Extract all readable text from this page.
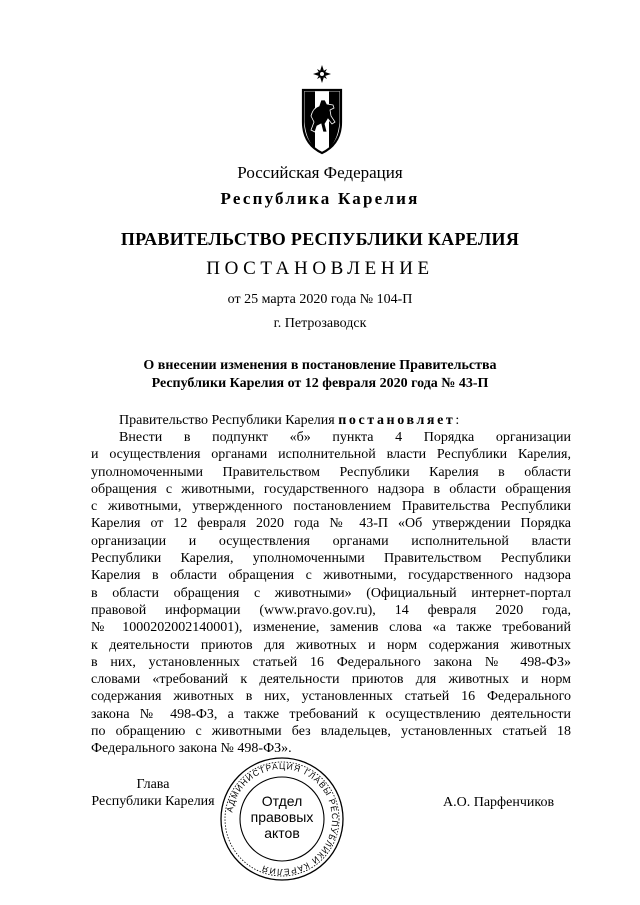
Российская Федерация
Республика Карелия
ПРАВИТЕЛЬСТВО РЕСПУБЛИКИ КАРЕЛИЯ
ПОСТАНОВЛЕНИЕ
от 25 марта 2020 года № 104-П
г. Петрозаводск
О внесении изменения в постановление Правительства
Республики Карелия от 12 февраля 2020 года № 43-П
Правительство Республики Карелия постановляет:
Внести в подпункт «б» пункта 4 Порядка организации
и осуществления органами исполнительной власти Республики Карелия,
уполномоченными Правительством Республики Карелия в области
обращения с животными, государственного надзора в области обращения
с животными, утвержденного постановлением Правительства Республики
Карелия от 12 февраля 2020 года № 43-П «Об утверждении Порядка
организации и осуществления органами исполнительной власти
Республики Карелия, уполномоченными Правительством Республики
Карелия в области обращения с животными, государственного надзора
в области обращения с животными» (Официальный интернет-портал
правовой информации (www.pravo.gov.ru), 14 февраля 2020 года,
№ 1000202002140001), изменение, заменив слова «а также требований
к деятельности приютов для животных и норм содержания животных
в них, установленных статьей 16 Федерального закона № 498-ФЗ»
словами «требований к деятельности приютов для животных и норм
содержания животных в них, установленных статьей 16 Федерального
закона № 498-ФЗ, а также требований к осуществлению деятельности
по обращению с животными без владельцев, установленных статьей 18
Федерального закона № 498-ФЗ».
Глава
Республики Карелия	А.О. Парфенчиков
АДМИНИСТРАЦИЯ ГЛАВЫ РЕСПУБЛИКИ КАРЕЛИЯ
Отдел
правовых
актов
